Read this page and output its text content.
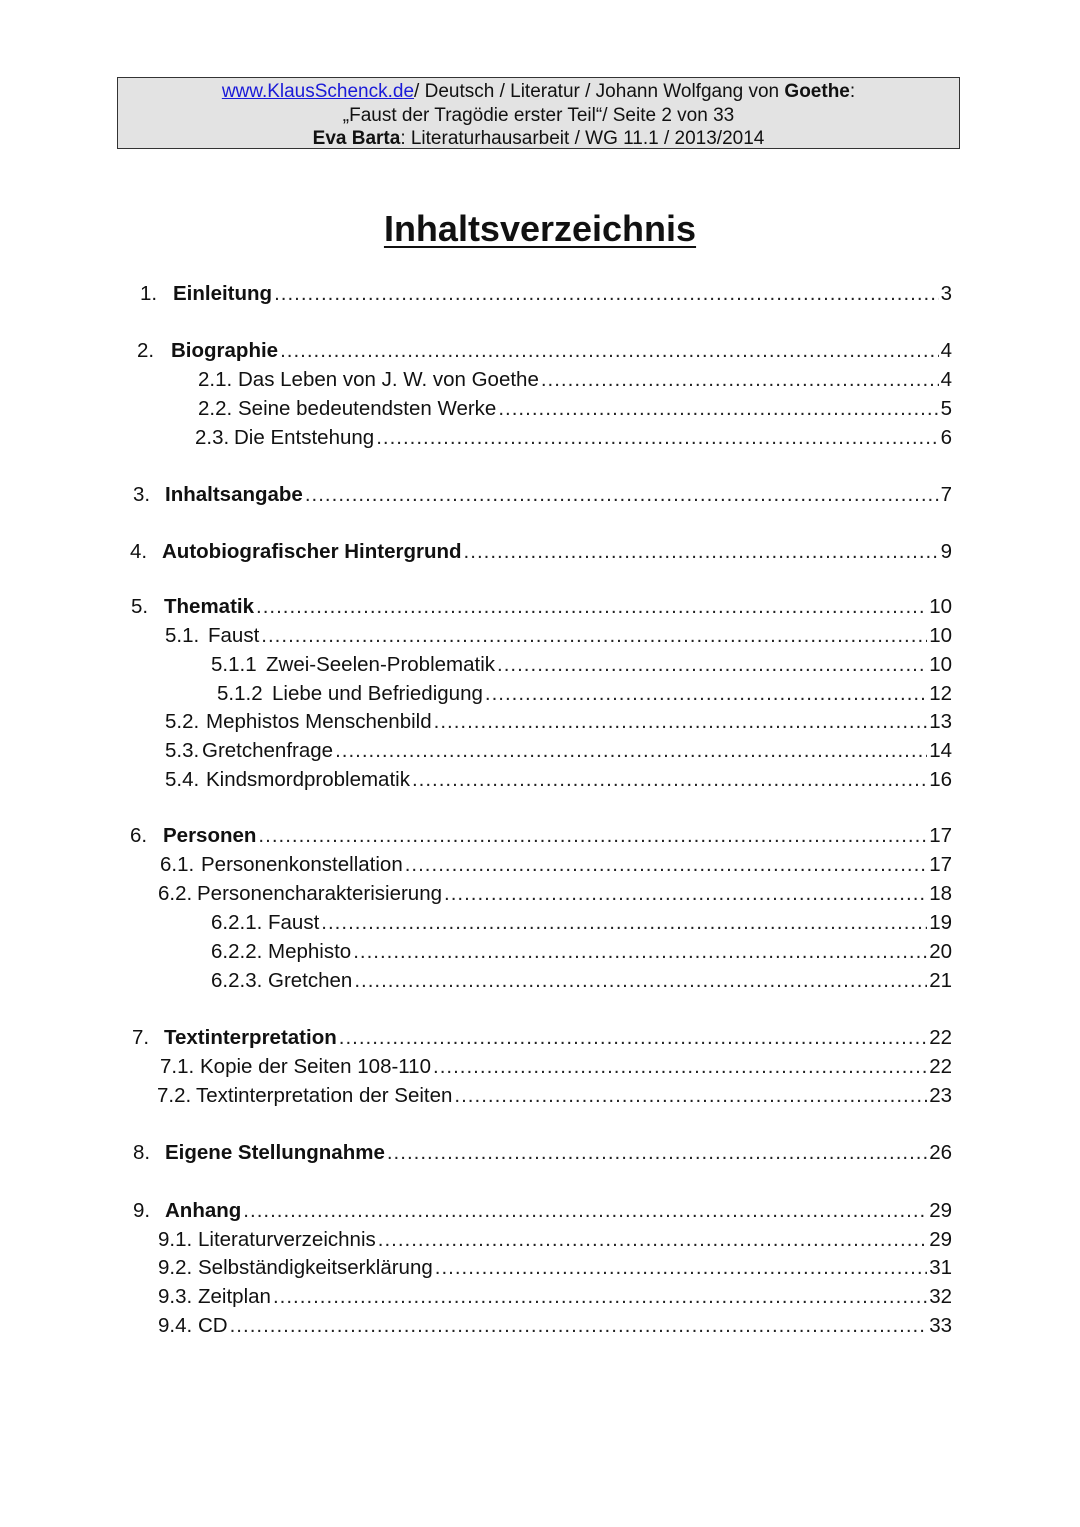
www.KlausSchenck.de/ Deutsch / Literatur / Johann Wolfgang von Goethe:
„Faust der Tragödie erster Teil“/ Seite 2 von 33
Eva Barta: Literaturhausarbeit / WG 11.1 / 2013/2014
Inhaltsverzeichnis
1. Einleitung .....	3
2. Biographie .....	4
2.1. Das Leben von J. W. von Goethe .....	4
2.2. Seine bedeutendsten Werke .....	5
2.3. Die Entstehung .....	6
3. Inhaltsangabe .....	7
4. Autobiografischer Hintergrund .....	9
5. Thematik .....	10
5.1. Faust .....	10
5.1.1 Zwei-Seelen-Problematik .....	10
5.1.2 Liebe und Befriedigung .....	12
5.2. Mephistos Menschenbild .....	13
5.3. Gretchenfrage .....	14
5.4. Kindsmordproblematik .....	16
6. Personen .....	17
6.1. Personenkonstellation .....	17
6.2. Personencharakterisierung .....	18
6.2.1. Faust .....	19
6.2.2. Mephisto .....	20
6.2.3. Gretchen .....	21
7. Textinterpretation .....	22
7.1. Kopie der Seiten 108-110 .....	22
7.2. Textinterpretation der Seiten .....	23
8. Eigene Stellungnahme .....	26
9. Anhang .....	29
9.1. Literaturverzeichnis .....	29
9.2. Selbständigkeitserklärung .....	31
9.3. Zeitplan .....	32
9.4. CD .....	33
